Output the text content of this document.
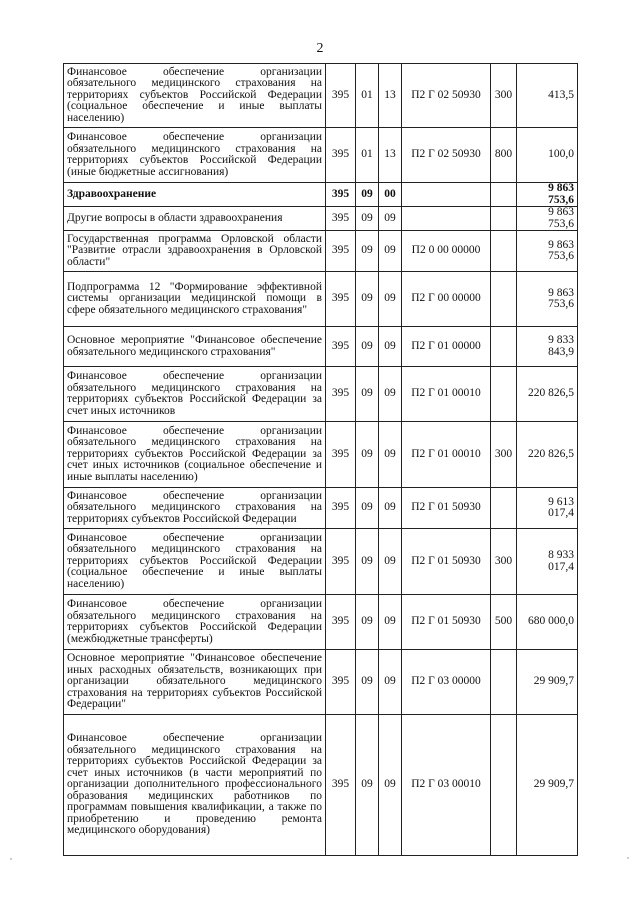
2
Финансовое обеспечение организации обязательного медицинского страхования на территориях субъектов Российской Федерации (социальное обеспечение и иные выплаты населению)	395	01	13	П2 Г 02 50930	300	413,5
Финансовое обеспечение организации обязательного медицинского страхования на территориях субъектов Российской Федерации (иные бюджетные ассигнования)	395	01	13	П2 Г 02 50930	800	100,0
Здравоохранение	395	09	00			9 863 753,6
Другие вопросы в области здравоохранения	395	09	09			9 863 753,6
Государственная программа Орловской области "Развитие отрасли здравоохранения в Орловской области"	395	09	09	П2 0 00 00000		9 863 753,6
Подпрограмма 12 "Формирование эффективной системы организации медицинской помощи в сфере обязательного медицинского страхования"	395	09	09	П2 Г 00 00000		9 863 753,6
Основное мероприятие "Финансовое обеспечение обязательного медицинского страхования"	395	09	09	П2 Г 01 00000		9 833 843,9
Финансовое обеспечение организации обязательного медицинского страхования на территориях субъектов Российской Федерации за счет иных источников	395	09	09	П2 Г 01 00010		220 826,5
Финансовое обеспечение организации обязательного медицинского страхования на территориях субъектов Российской Федерации за счет иных источников (социальное обеспечение и иные выплаты населению)	395	09	09	П2 Г 01 00010	300	220 826,5
Финансовое обеспечение организации обязательного медицинского страхования на территориях субъектов Российской Федерации	395	09	09	П2 Г 01 50930		9 613 017,4
Финансовое обеспечение организации обязательного медицинского страхования на территориях субъектов Российской Федерации (социальное обеспечение и иные выплаты населению)	395	09	09	П2 Г 01 50930	300	8 933 017,4
Финансовое обеспечение организации обязательного медицинского страхования на территориях субъектов Российской Федерации (межбюджетные трансферты)	395	09	09	П2 Г 01 50930	500	680 000,0
Основное мероприятие "Финансовое обеспечение иных расходных обязательств, возникающих при организации обязательного медицинского страхования на территориях субъектов Российской Федерации"	395	09	09	П2 Г 03 00000		29 909,7
Финансовое обеспечение организации обязательного медицинского страхования на территориях субъектов Российской Федерации за счет иных источников (в части мероприятий по организации дополнительного профессионального образования медицинских работников по программам повышения квалификации, а также по приобретению и проведению ремонта медицинского оборудования)	395	09	09	П2 Г 03 00010		29 909,7
